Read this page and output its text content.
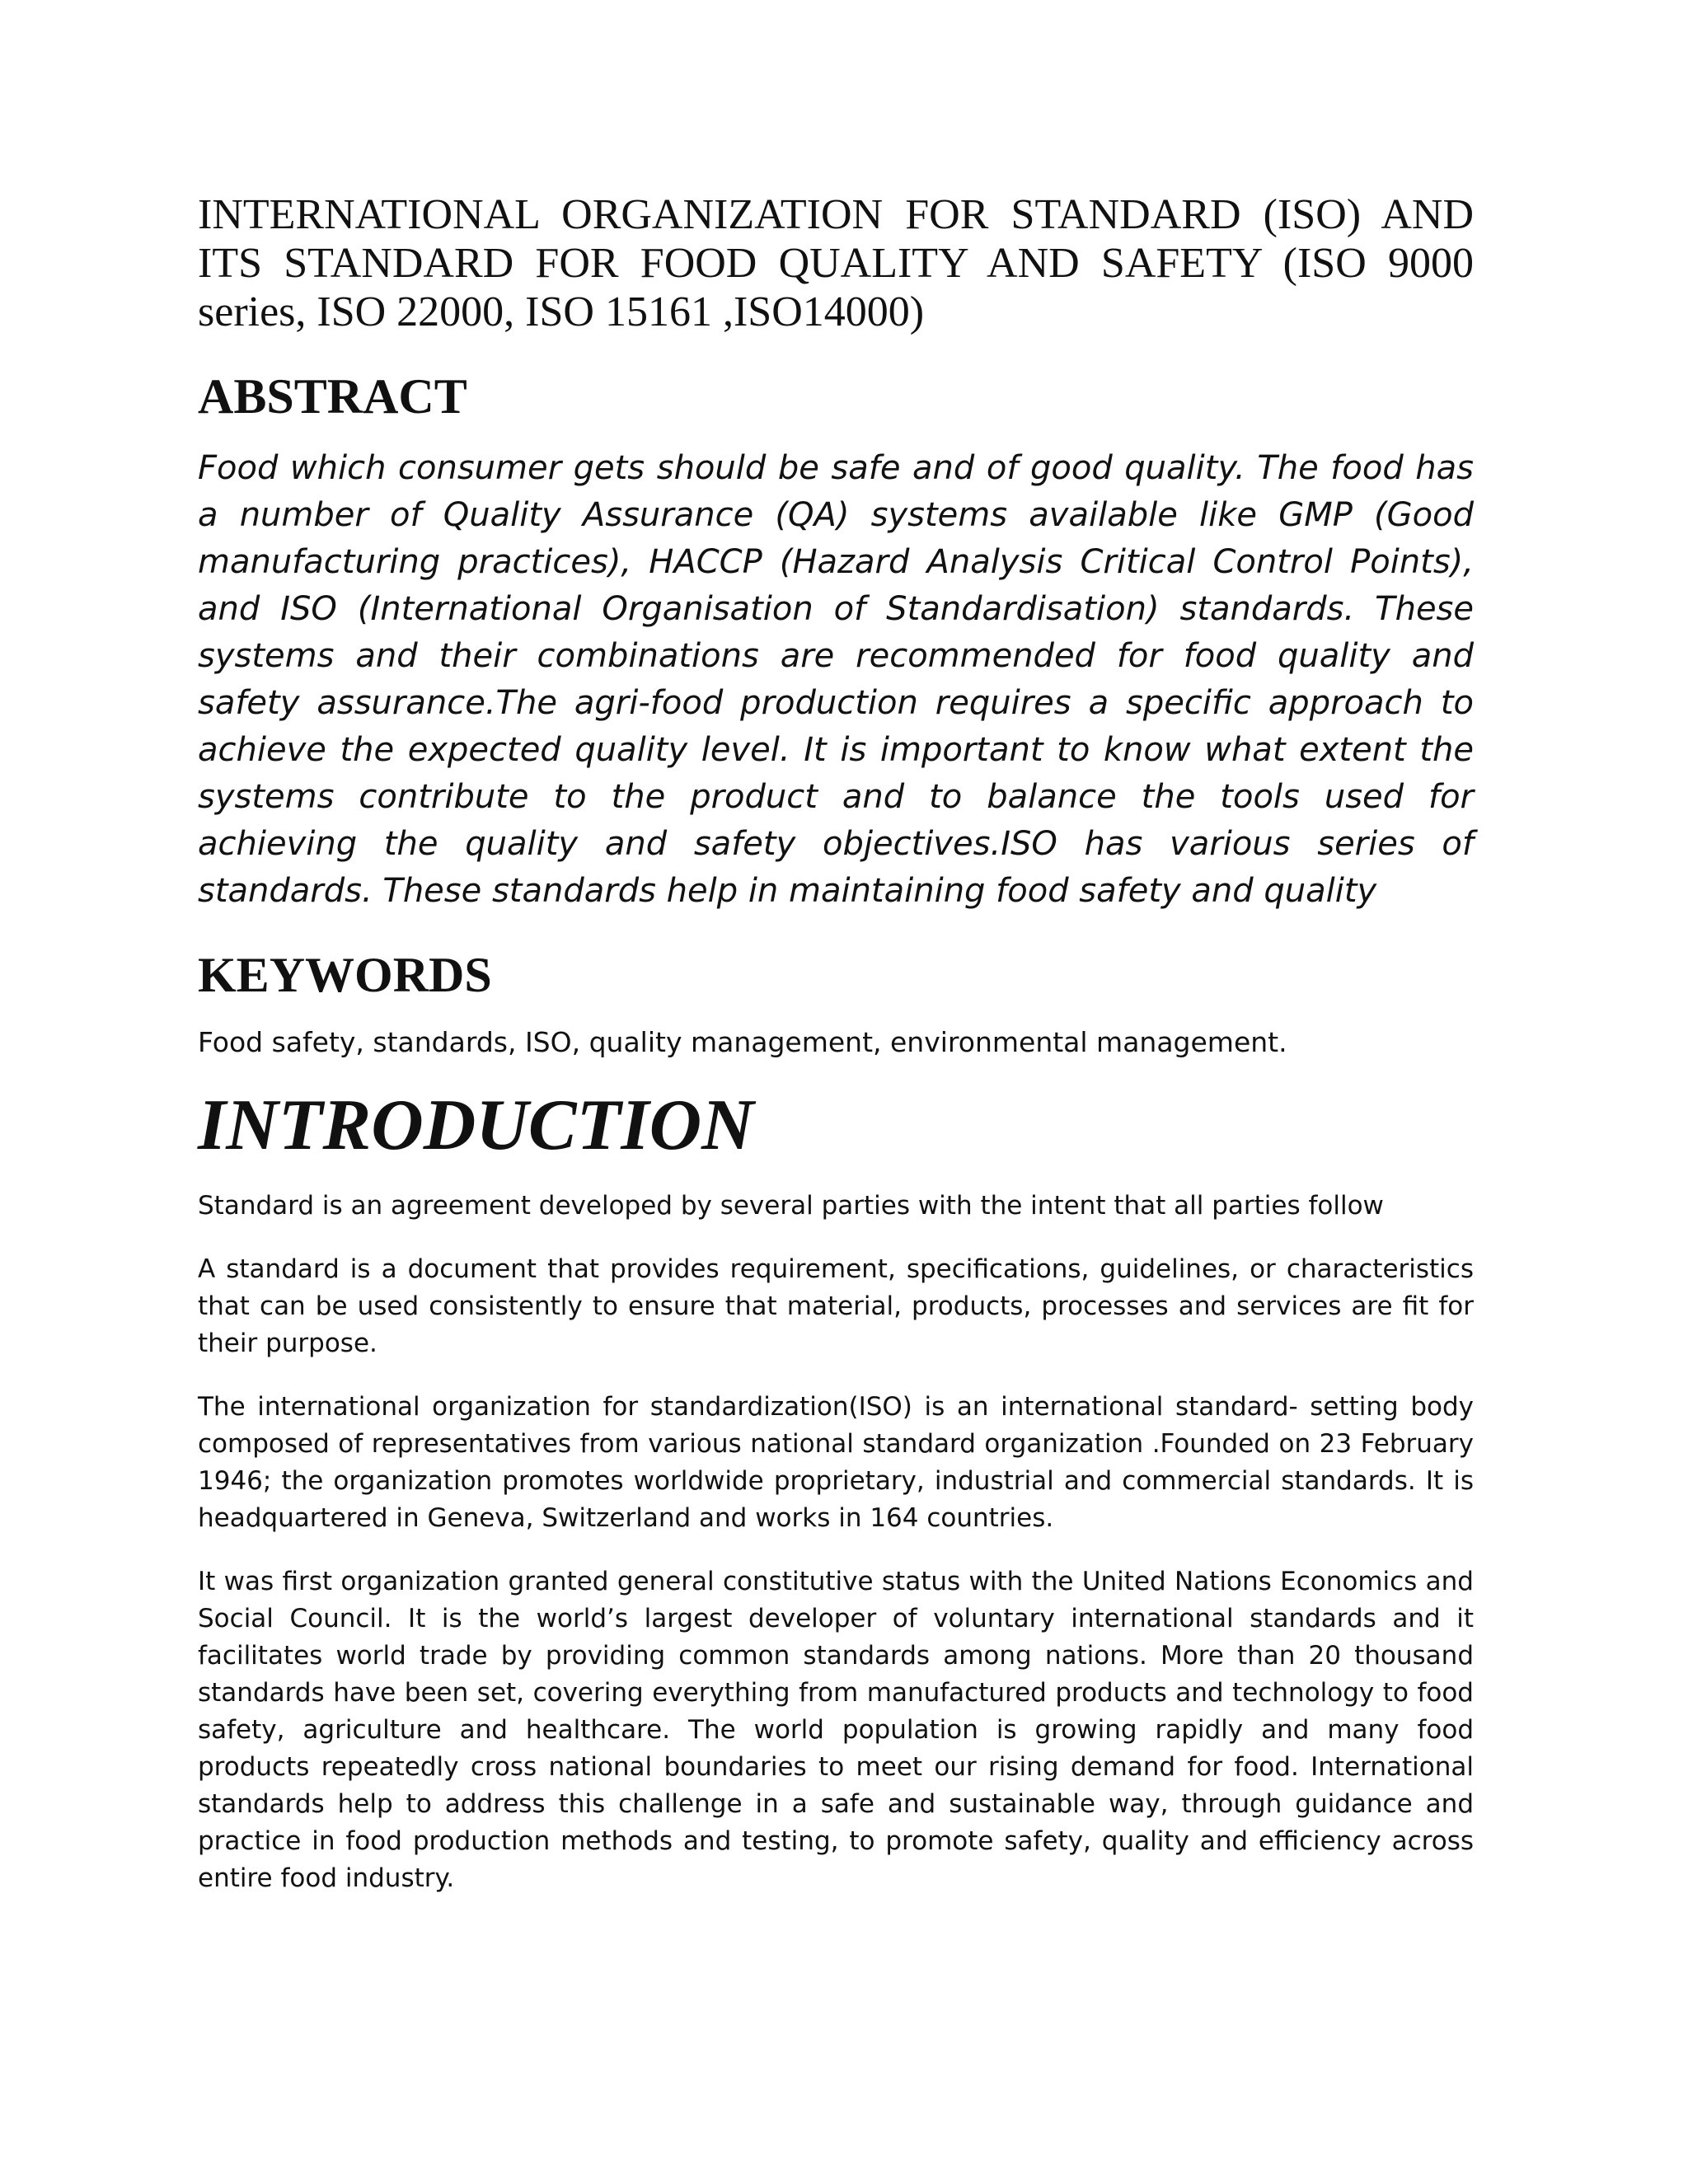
INTERNATIONAL ORGANIZATION FOR STANDARD (ISO) AND ITS STANDARD FOR FOOD QUALITY AND SAFETY (ISO 9000 series, ISO 22000, ISO 15161 ,ISO14000)
ABSTRACT

Food which consumer gets should be safe and of good quality. The food has a number of Quality Assurance (QA) systems available like GMP (Good manufacturing practices), HACCP (Hazard Analysis Critical Control Points), and ISO (International Organisation of Standardisation) standards. These systems and their combinations are recommended for food quality and safety assurance.The agri-food production requires a specific approach to achieve the expected quality level. It is important to know what extent the systems contribute to the product and to balance the tools used for achieving the quality and safety objectives.ISO has various series of standards. These standards help in maintaining food safety and quality

KEYWORDS

Food safety, standards, ISO, quality management, environmental management.

INTRODUCTION

Standard is an agreement developed by several parties with the intent that all parties follow

A standard is a document that provides requirement, specifications, guidelines, or characteristics that can be used consistently to ensure that material, products, processes and services are fit for their purpose.

The international organization for standardization(ISO) is an international standard- setting body composed of representatives from various national standard organization .Founded on 23 February 1946; the organization promotes worldwide proprietary, industrial and commercial standards. It is headquartered in Geneva, Switzerland and works in 164 countries.

It was first organization granted general constitutive status with the United Nations Economics and Social Council. It is the world’s largest developer of voluntary international standards and it facilitates world trade by providing common standards among nations. More than 20 thousand standards have been set, covering everything from manufactured products and technology to food safety, agriculture and healthcare. The world population is growing rapidly and many food products repeatedly cross national boundaries to meet our rising demand for food. International standards help to address this challenge in a safe and sustainable way, through guidance and practice in food production methods and testing, to promote safety, quality and efficiency across entire food industry.
